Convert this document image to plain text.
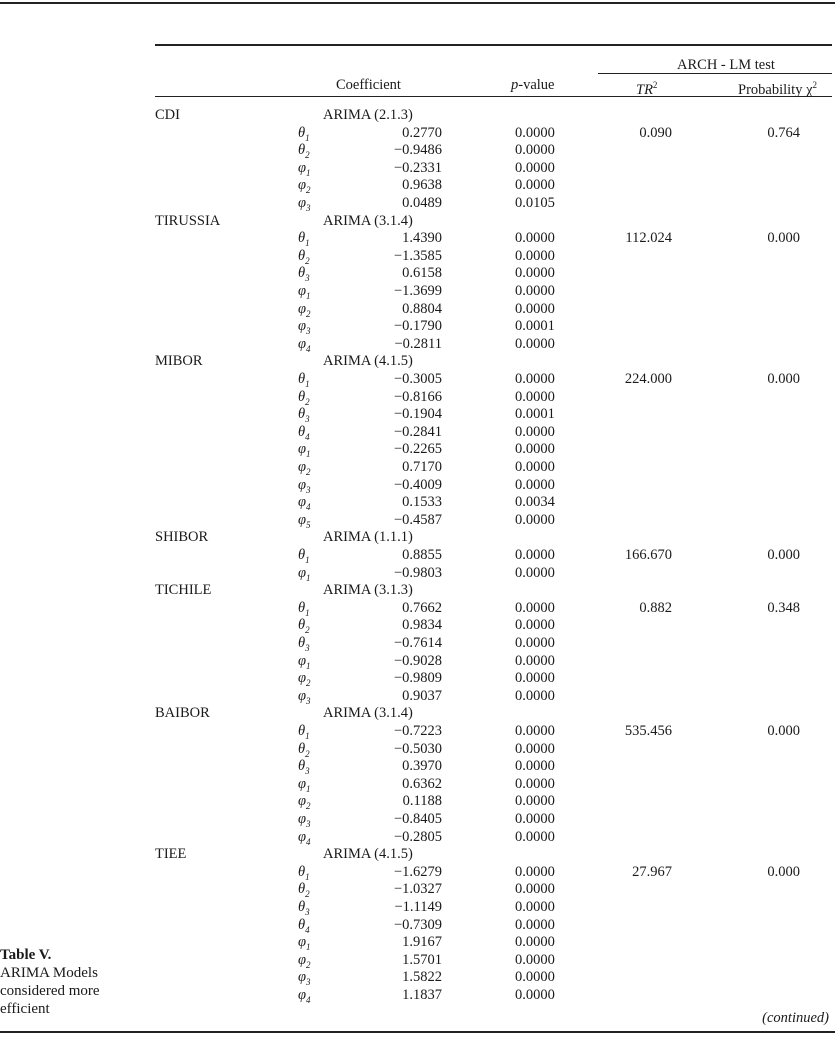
Coefficient	p-value
ARCH - LM test
$TR^2$	Probability $\chi^2$
CDI	ARIMA (2.1.3)
$\theta_1$	0.2770	0.0000	0.090	0.764
$\theta_2$	−0.9486	0.0000
$\varphi_1$	−0.2331	0.0000
$\varphi_2$	0.9638	0.0000
$\varphi_3$	0.0489	0.0105
TIRUSSIA	ARIMA (3.1.4)
$\theta_1$	1.4390	0.0000	112.024	0.000
$\theta_2$	−1.3585	0.0000
$\theta_3$	0.6158	0.0000
$\varphi_1$	−1.3699	0.0000
$\varphi_2$	0.8804	0.0000
$\varphi_3$	−0.1790	0.0001
$\varphi_4$	−0.2811	0.0000
MIBOR	ARIMA (4.1.5)
$\theta_1$	−0.3005	0.0000	224.000	0.000
$\theta_2$	−0.8166	0.0000
$\theta_3$	−0.1904	0.0001
$\theta_4$	−0.2841	0.0000
$\varphi_1$	−0.2265	0.0000
$\varphi_2$	0.7170	0.0000
$\varphi_3$	−0.4009	0.0000
$\varphi_4$	0.1533	0.0034
$\varphi_5$	−0.4587	0.0000
SHIBOR	ARIMA (1.1.1)
$\theta_1$	0.8855	0.0000	166.670	0.000
$\varphi_1$	−0.9803	0.0000
TICHILE	ARIMA (3.1.3)
$\theta_1$	0.7662	0.0000	0.882	0.348
$\theta_2$	0.9834	0.0000
$\theta_3$	−0.7614	0.0000
$\varphi_1$	−0.9028	0.0000
$\varphi_2$	−0.9809	0.0000
$\varphi_3$	0.9037	0.0000
BAIBOR	ARIMA (3.1.4)
$\theta_1$	−0.7223	0.0000	535.456	0.000
$\theta_2$	−0.5030	0.0000
$\theta_3$	0.3970	0.0000
$\varphi_1$	0.6362	0.0000
$\varphi_2$	0.1188	0.0000
$\varphi_3$	−0.8405	0.0000
$\varphi_4$	−0.2805	0.0000
TIEE	ARIMA (4.1.5)
$\theta_1$	−1.6279	0.0000	27.967	0.000
$\theta_2$	−1.0327	0.0000
$\theta_3$	−1.1149	0.0000
$\theta_4$	−0.7309	0.0000
$\varphi_1$	1.9167	0.0000
$\varphi_2$	1.5701	0.0000
$\varphi_3$	1.5822	0.0000
$\varphi_4$	1.1837	0.0000
(continued)
Table V.
ARIMA Models
considered more
efficient
